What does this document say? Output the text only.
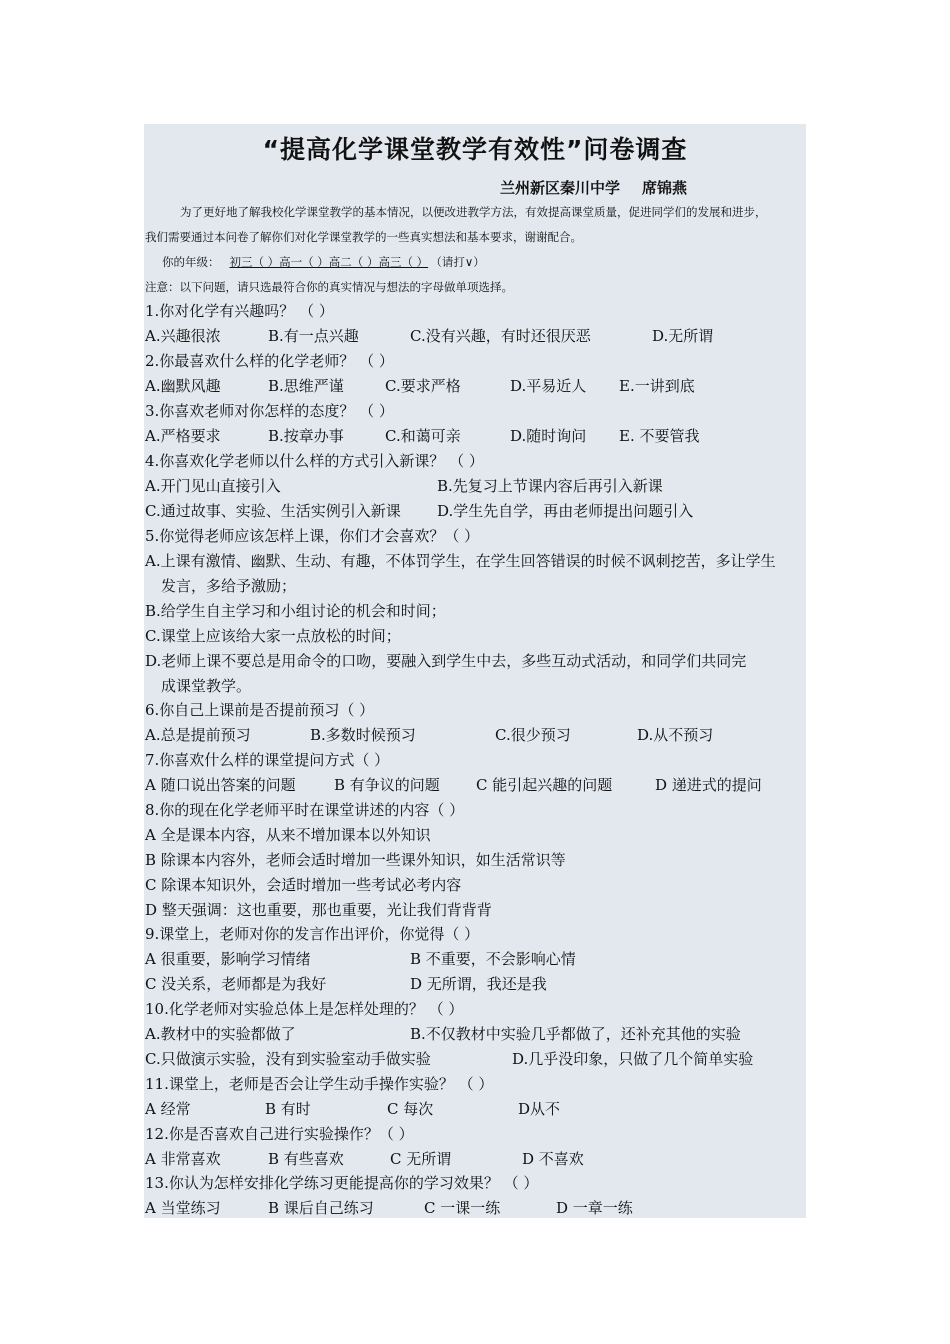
“提高化学课堂教学有效性”问卷调查
兰州新区秦川中学 席锦燕
为了更好地了解我校化学课堂教学的基本情况，以便改进教学方法，有效提高课堂质量，促进同学们的发展和进步，
我们需要通过本问卷了解你们对化学课堂教学的一些真实想法和基本要求，谢谢配合。
你的年级： 初三（ ）高一（ ）高二（ ）高三（ ） （请打∨）
注意：以下问题，请只选最符合你的真实情况与想法的字母做单项选择。
1.你对化学有兴趣吗？ （ ）
A.兴趣很浓	B.有一点兴趣	C.没有兴趣，有时还很厌恶	D.无所谓
2.你最喜欢什么样的化学老师？ （ ）
A.幽默风趣	B.思维严谨	C.要求严格	D.平易近人 E.一讲到底
3.你喜欢老师对你怎样的态度？ （ ）
A.严格要求	B.按章办事	C.和蔼可亲	D.随时询问 E. 不要管我
4.你喜欢化学老师以什么样的方式引入新课？ （ ）
A.开门见山直接引入	B.先复习上节课内容后再引入新课
C.通过故事、实验、生活实例引入新课 D.学生先自学，再由老师提出问题引入
5.你觉得老师应该怎样上课，你们才会喜欢？（ ）
A.上课有激情、幽默、生动、有趣，不体罚学生，在学生回答错误的时候不讽刺挖苦，多让学生
发言，多给予激励；
B.给学生自主学习和小组讨论的机会和时间；
C.课堂上应该给大家一点放松的时间；
D.老师上课不要总是用命令的口吻，要融入到学生中去，多些互动式活动，和同学们共同完
成课堂教学。
6.你自己上课前是否提前预习（ ）
A.总是提前预习	B.多数时候预习	C.很少预习	D.从不预习
7.你喜欢什么样的课堂提问方式（ ）
A 随口说出答案的问题	B 有争议的问题 C 能引起兴趣的问题	D 递进式的提问
8.你的现在化学老师平时在课堂讲述的内容（ ）
A 全是课本内容，从来不增加课本以外知识
B 除课本内容外，老师会适时增加一些课外知识，如生活常识等
C 除课本知识外，会适时增加一些考试必考内容
D 整天强调：这也重要，那也重要，光让我们背背背
9.课堂上，老师对你的发言作出评价，你觉得（ ）
A 很重要，影响学习情绪	B 不重要，不会影响心情
C 没关系，老师都是为我好	D 无所谓，我还是我
10.化学老师对实验总体上是怎样处理的？ （ ）
A.教材中的实验都做了	B.不仅教材中实验几乎都做了，还补充其他的实验
C.只做演示实验，没有到实验室动手做实验	D.几乎没印象，只做了几个简单实验
11.课堂上，老师是否会让学生动手操作实验？ （ ）
A 经常	B 有时	C 每次	D从不
12.你是否喜欢自己进行实验操作？（ ）
A 非常喜欢	B 有些喜欢	C 无所谓	D 不喜欢
13.你认为怎样安排化学练习更能提高你的学习效果？ （ ）
A 当堂练习	B 课后自己练习	C 一课一练	D 一章一练
